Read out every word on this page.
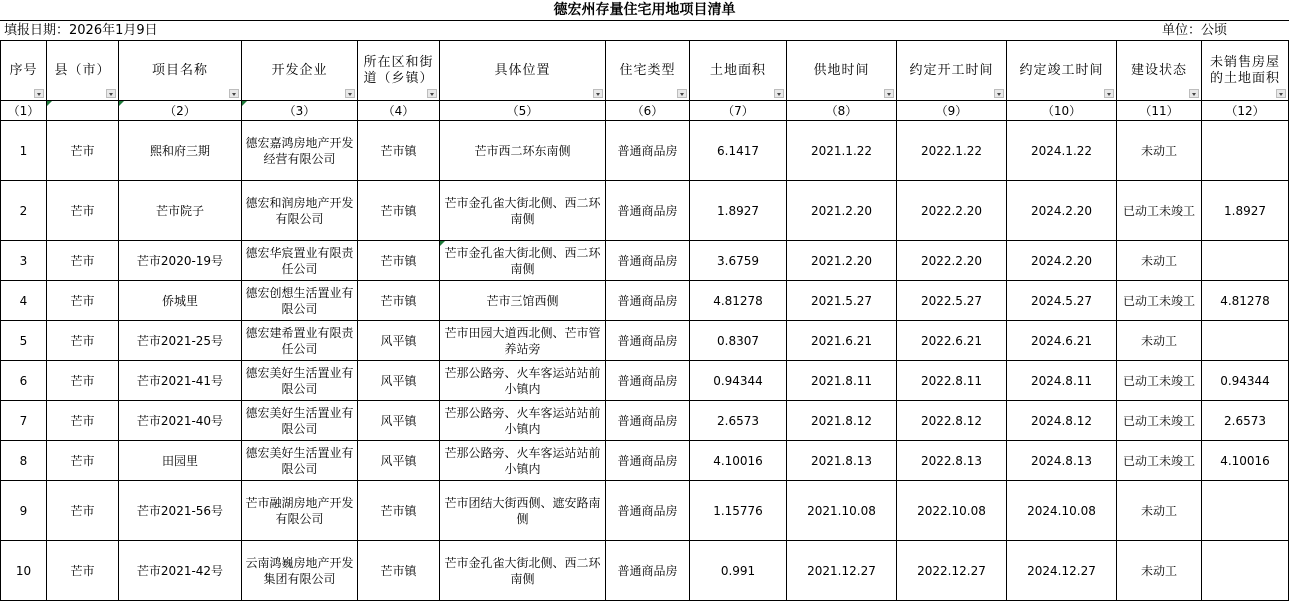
德宏州存量住宅用地项目清单
填报日期：2026年1月9日	单位：公顷
序号	县（市）	项目名称	开发企业	所在区和街道（乡镇）	具体位置	住宅类型	土地面积	供地时间	约定开工时间	约定竣工时间	建设状态	未销售房屋的土地面积

（1）		（2）	（3）	（4）	（5）	（6）	（7）	（8）	（9）	（10）	（11）	（12）

1	芒市	熙和府三期	德宏嘉鸿房地产开发经营有限公司	芒市镇	芒市西二环东南侧	普通商品房	6.1417	2021.1.22	2022.1.22	2024.1.22	未动工	

2	芒市	芒市院子	德宏和润房地产开发有限公司	芒市镇	芒市金孔雀大街北侧、西二环南侧	普通商品房	1.8927	2021.2.20	2022.2.20	2024.2.20	已动工未竣工	1.8927

3	芒市	芒市2020-19号	德宏华宸置业有限责任公司	芒市镇	芒市金孔雀大街北侧、西二环南侧	普通商品房	3.6759	2021.2.20	2022.2.20	2024.2.20	未动工	

4	芒市	侨城里	德宏创想生活置业有限公司	芒市镇	芒市三馆西侧	普通商品房	4.81278	2021.5.27	2022.5.27	2024.5.27	已动工未竣工	4.81278

5	芒市	芒市2021-25号	德宏建希置业有限责任公司	风平镇	芒市田园大道西北侧、芒市管养站旁	普通商品房	0.8307	2021.6.21	2022.6.21	2024.6.21	未动工	

6	芒市	芒市2021-41号	德宏美好生活置业有限公司	风平镇	芒那公路旁、火车客运站站前小镇内	普通商品房	0.94344	2021.8.11	2022.8.11	2024.8.11	已动工未竣工	0.94344

7	芒市	芒市2021-40号	德宏美好生活置业有限公司	风平镇	芒那公路旁、火车客运站站前小镇内	普通商品房	2.6573	2021.8.12	2022.8.12	2024.8.12	已动工未竣工	2.6573

8	芒市	田园里	德宏美好生活置业有限公司	风平镇	芒那公路旁、火车客运站站前小镇内	普通商品房	4.10016	2021.8.13	2022.8.13	2024.8.13	已动工未竣工	4.10016

9	芒市	芒市2021-56号	芒市融湖房地产开发有限公司	芒市镇	芒市团结大街西侧、遮安路南侧	普通商品房	1.15776	2021.10.08	2022.10.08	2024.10.08	未动工	

10	芒市	芒市2021-42号	云南鸿巍房地产开发集团有限公司	芒市镇	芒市金孔雀大街北侧、西二环南侧	普通商品房	0.991	2021.12.27	2022.12.27	2024.12.27	未动工	
